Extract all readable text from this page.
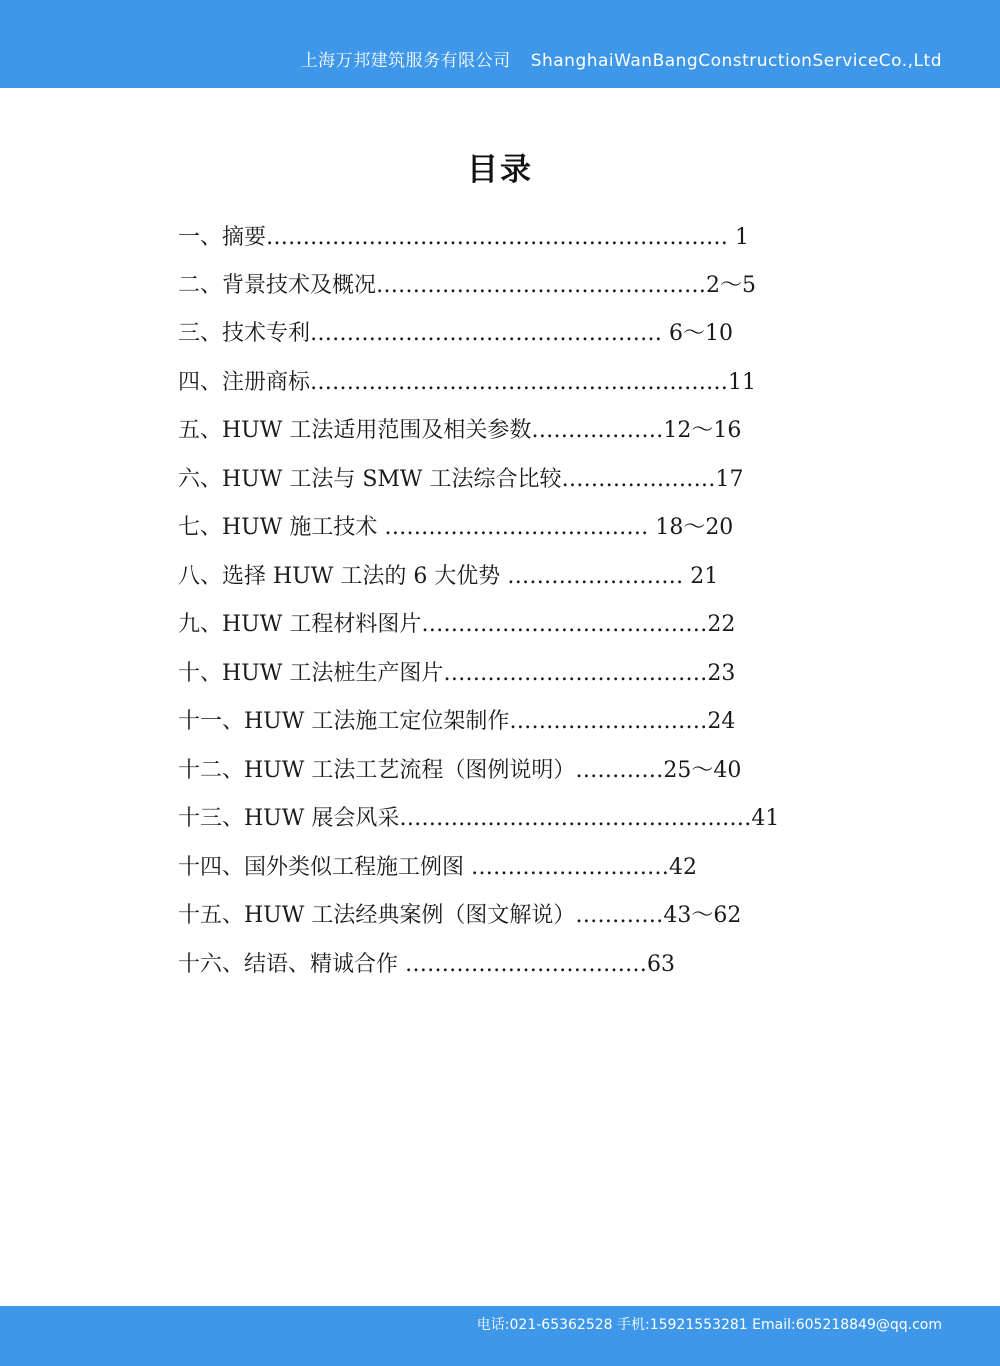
上海万邦建筑服务有限公司 ShanghaiWanBangConstructionServiceCo.,Ltd
目录
一、摘要……………………………………………………… 1
二、背景技术及概况………………………………………2～5
三、技术专利………………………………………… 6～10
四、注册商标…………………………………………………11
五、HUW 工法适用范围及相关参数………………12～16
六、HUW 工法与 SMW 工法综合比较…………………17
七、HUW 施工技术 ……………………………… 18～20
八、选择 HUW 工法的 6 大优势 …………………… 21
九、HUW 工程材料图片…………………………………22
十、HUW 工法桩生产图片………………………………23
十一、HUW 工法施工定位架制作………………………24
十二、HUW 工法工艺流程（图例说明）…………25～40
十三、HUW 展会风采…………………………………………41
十四、国外类似工程施工例图 ………………………42
十五、HUW 工法经典案例（图文解说）…………43～62
十六、结语、精诚合作 ……………………………63
电话:021-65362528 手机:15921553281 Email:605218849@qq.com
